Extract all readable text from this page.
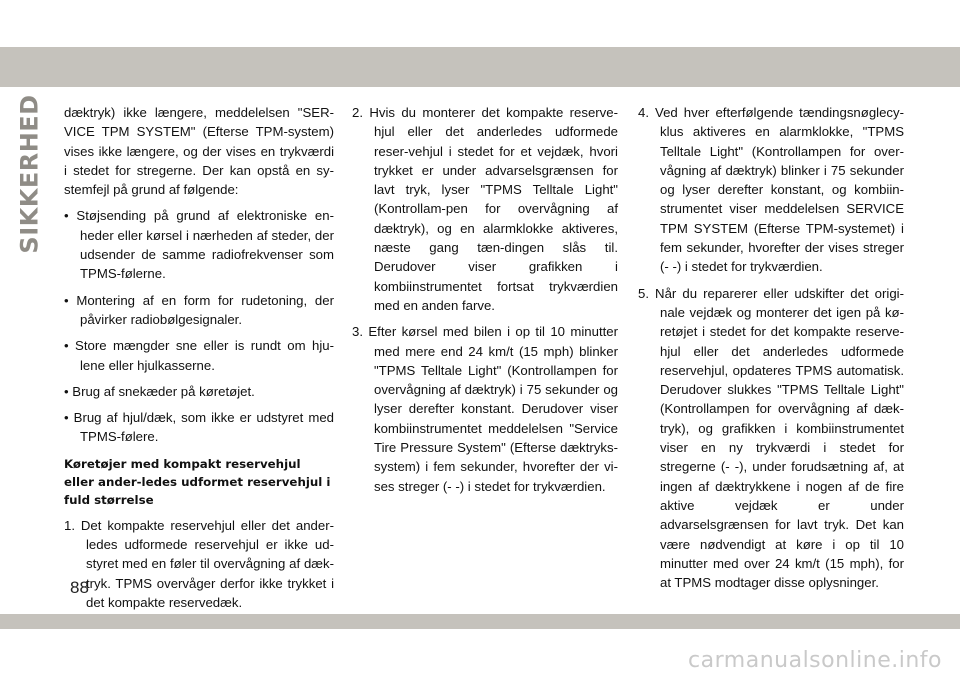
SIKKERHED dæktryk) ikke længere, meddelelsen "SER-VICE TPM SYSTEM" (Efterse TPM-system) vises ikke længere, og der vises en trykværdi i stedet for stregerne. Der kan opstå en sy-stemfejl på grund af følgende:

• Støjsending på grund af elektroniske en-heder eller kørsel i nærheden af steder, der udsender de samme radiofrekvenser som TPMS-følerne.

• Montering af en form for rudetoning, der påvirker radiobølgesignaler.

• Store mængder sne eller is rundt om hju-lene eller hjulkasserne.

• Brug af snekæder på køretøjet.

• Brug af hjul/dæk, som ikke er udstyret med TPMS-følere.

Køretøjer med kompakt reservehjul eller ander-ledes udformet reservehjul i fuld størrelse

1. Det kompakte reservehjul eller det ander-ledes udformede reservehjul er ikke ud-styret med en føler til overvågning af dæk-tryk. TPMS overvåger derfor ikke trykket i det kompakte reservedæk.

2. Hvis du monterer det kompakte reserve-hjul eller det anderledes udformede reser-vehjul i stedet for et vejdæk, hvori trykket er under advarselsgrænsen for lavt tryk, lyser "TPMS Telltale Light" (Kontrollam-pen for overvågning af dæktryk), og en alarmklokke aktiveres, næste gang tæn-dingen slås til. Derudover viser grafikken i kombiinstrumentet fortsat trykværdien med en anden farve.

3. Efter kørsel med bilen i op til 10 minutter med mere end 24 km/t (15 mph) blinker "TPMS Telltale Light" (Kontrollampen for overvågning af dæktryk) i 75 sekunder og lyser derefter konstant. Derudover viser kombiinstrumentet meddelelsen "Service Tire Pressure System" (Efterse dæktryks-system) i fem sekunder, hvorefter der vi-ses streger (- -) i stedet for trykværdien.

4. Ved hver efterfølgende tændingsnøglecy-klus aktiveres en alarmklokke, "TPMS Telltale Light" (Kontrollampen for over-vågning af dæktryk) blinker i 75 sekunder og lyser derefter konstant, og kombiin-strumentet viser meddelelsen SERVICE TPM SYSTEM (Efterse TPM-systemet) i fem sekunder, hvorefter der vises streger (- -) i stedet for trykværdien.

5. Når du reparerer eller udskifter det origi-nale vejdæk og monterer det igen på kø-retøjet i stedet for det kompakte reserve-hjul eller det anderledes udformede reservehjul, opdateres TPMS automatisk. Derudover slukkes "TPMS Telltale Light" (Kontrollampen for overvågning af dæk-tryk), og grafikken i kombiinstrumentet viser en ny trykværdi i stedet for stregerne (- -), under forudsætning af, at ingen af dæktrykkene i nogen af de fire aktive vejdæk er under advarselsgrænsen for lavt tryk. Det kan være nødvendigt at køre i op til 10 minutter med over 24 km/t (15 mph), for at TPMS modtager disse oplysninger.

88
carmanualsonline.info
